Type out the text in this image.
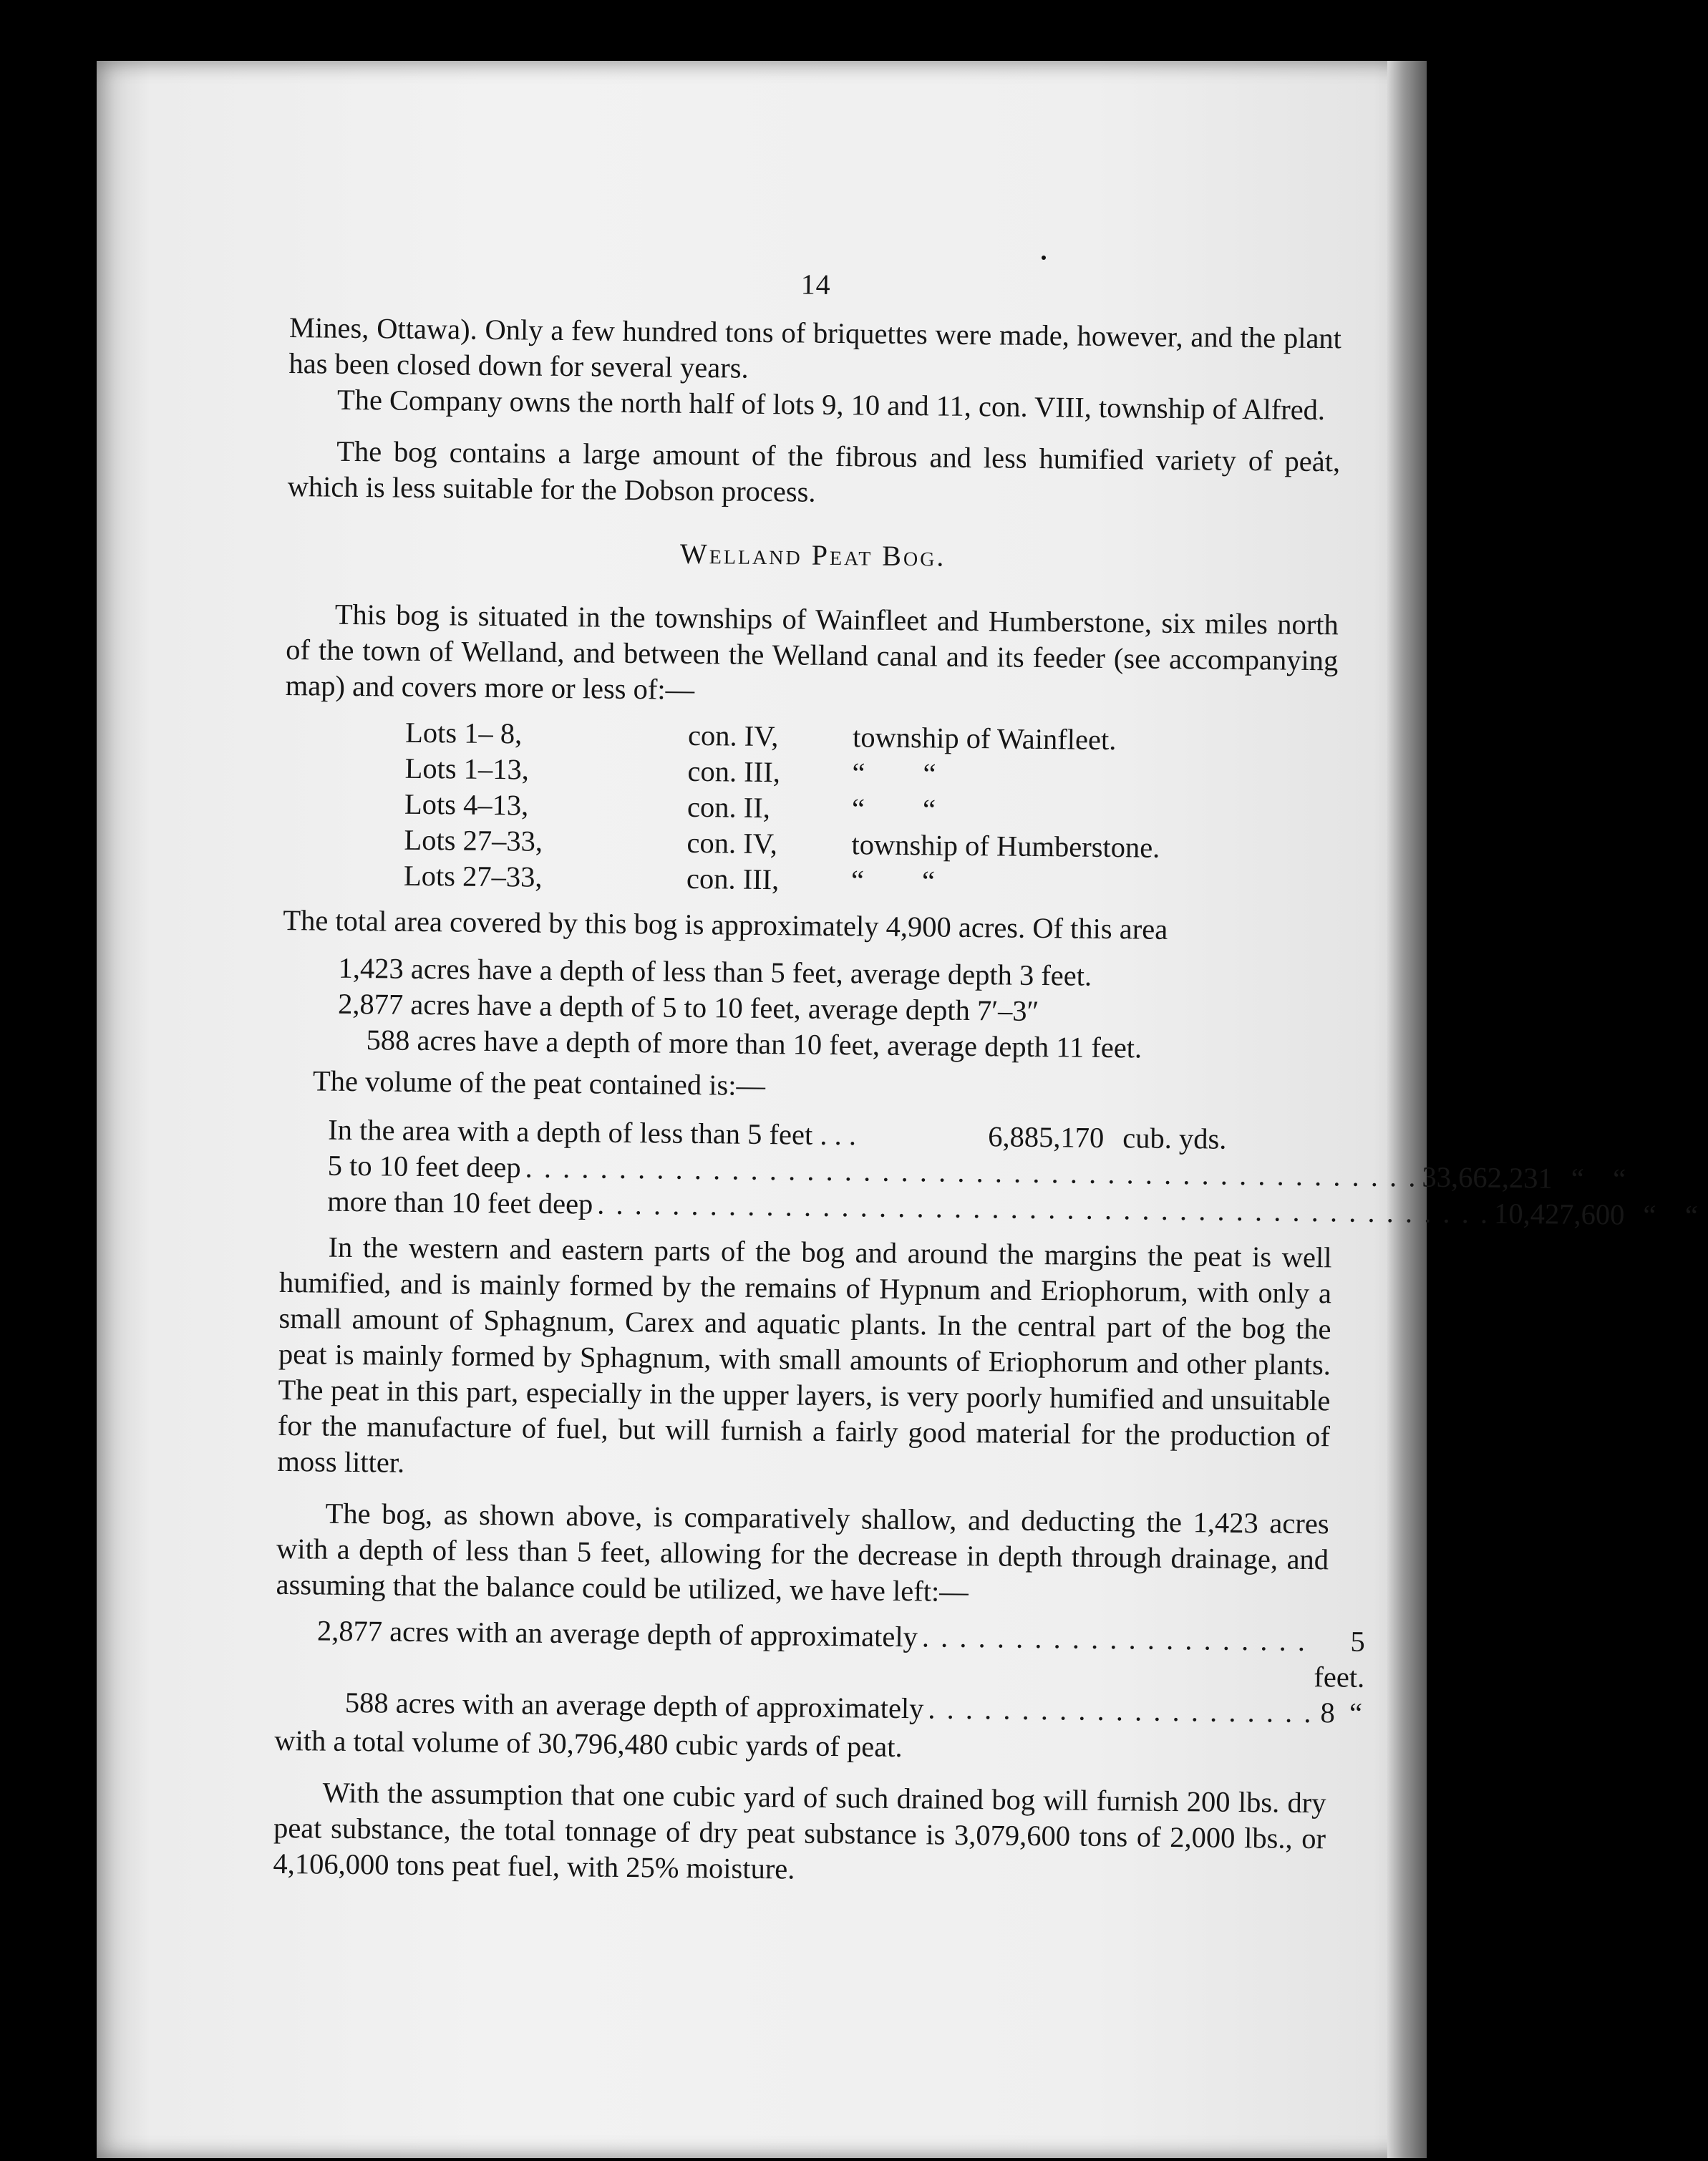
14

Mines, Ottawa). Only a few hundred tons of briquettes were made, however, and the plant has been closed down for several years.

The Company owns the north half of lots 9, 10 and 11, con. VIII, township of Alfred.

The bog contains a large amount of the fibrous and less humified variety of peat, which is less suitable for the Dobson process.

Welland Peat Bog.

This bog is situated in the townships of Wainfleet and Humberstone, six miles north of the town of Welland, and between the Welland canal and its feeder (see accompanying map) and covers more or less of:—

Lots 1– 8,	con. IV,	township of Wainfleet.
Lots 1–13,	con. III,	“        “
Lots 4–13,	con. II,	“        “
Lots 27–33,	con. IV,	township of Humberstone.
Lots 27–33,	con. III,	“        “

The total area covered by this bog is approximately 4,900 acres. Of this area

1,423 acres have a depth of less than 5 feet, average depth 3 feet.
2,877 acres have a depth of 5 to 10 feet, average depth 7′–3″
588 acres have a depth of more than 10 feet, average depth 11 feet.

The volume of the peat contained is:—

In the area with a depth of less than 5 feet . . .	6,885,170 cub. yds.
5 to 10 feet deep . . . . . . . . . . . . . . . . . . . . . . . . . . . . . . . . . . . . . . . . . . . . . . . . 33,662,231 “    “
more than 10 feet deep . . . . . . . . . . . . . . . . . . . . . . . . . . . . . . . . . . . . . . . . . . . . . . . . 10,427,600 “    “

In the western and eastern parts of the bog and around the margins the peat is well humified, and is mainly formed by the remains of Hypnum and Eriophorum, with only a small amount of Sphagnum, Carex and aquatic plants. In the central part of the bog the peat is mainly formed by Sphagnum, with small amounts of Eriophorum and other plants. The peat in this part, especially in the upper layers, is very poorly humified and unsuitable for the manufacture of fuel, but will furnish a fairly good material for the production of moss litter.

The bog, as shown above, is comparatively shallow, and deducting the 1,423 acres with a depth of less than 5 feet, allowing for the decrease in depth through drainage, and assuming that the balance could be utilized, we have left:—

2,877 acres with an average depth of approximately . . . . . . . . . . . . . . . . . . . . .	5 feet.
588 acres with an average depth of approximately . . . . . . . . . . . . . . . . . . . . . 8  “

with a total volume of 30,796,480 cubic yards of peat.

With the assumption that one cubic yard of such drained bog will furnish 200 lbs. dry peat substance, the total tonnage of dry peat substance is 3,079,600 tons of 2,000 lbs., or 4,106,000 tons peat fuel, with 25% moisture.
